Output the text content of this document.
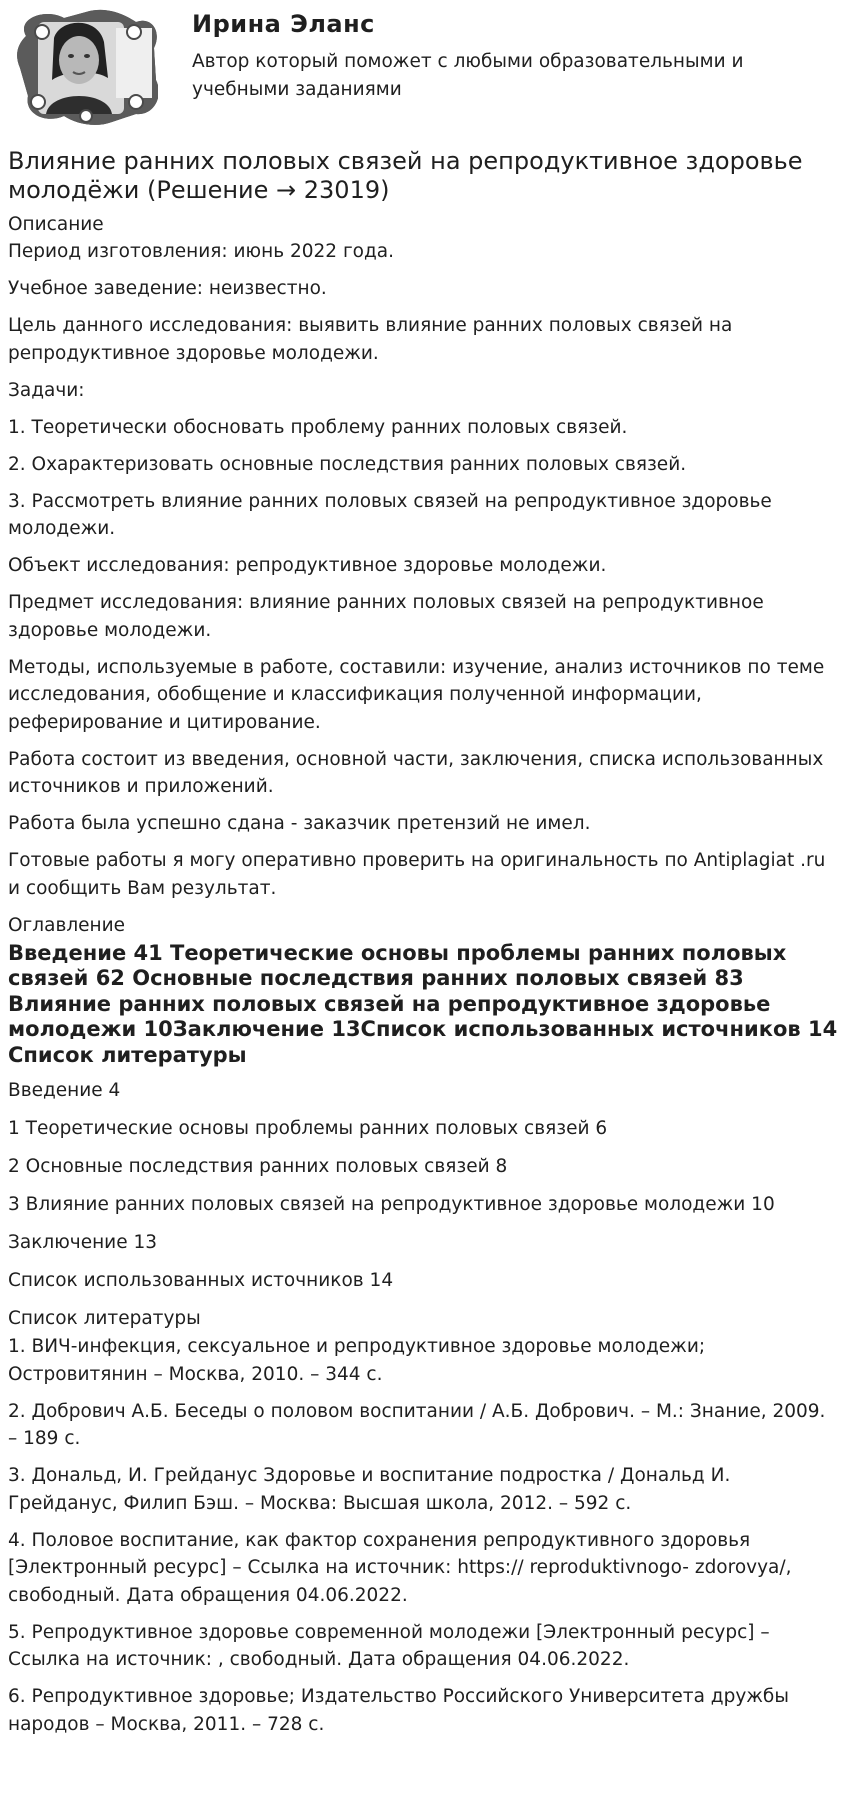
Ирина Эланс

Автор который поможет с любыми образовательными и учебными заданиями

Влияние ранних половых связей на репродуктивное здоровье молодёжи (Решение → 23019)
Описание

Период изготовления: июнь 2022 года.

Учебное заведение: неизвестно.

Цель данного исследования: выявить влияние ранних половых связей на репродуктивное здоровье молодежи.

Задачи:

1. Теоретически обосновать проблему ранних половых связей.

2. Охарактеризовать основные последствия ранних половых связей.

3. Рассмотреть влияние ранних половых связей на репродуктивное здоровье молодежи.

Объект исследования: репродуктивное здоровье молодежи.

Предмет исследования: влияние ранних половых связей на репродуктивное здоровье молодежи.

Методы, используемые в работе, составили: изучение, анализ источников по теме исследования, обобщение и классификация полученной информации, реферирование и цитирование.

Работа состоит из введения, основной части, заключения, списка использованных источников и приложений.

Работа была успешно сдана - заказчик претензий не имел.

Готовые работы я могу оперативно проверить на оригинальность по Antiplagiat .ru и сообщить Вам результат.

Оглавление
Введение 41 Теоретические основы проблемы ранних половых связей 62 Основные последствия ранних половых связей 83 Влияние ранних половых связей на репродуктивное здоровье молодежи 10Заключение 13Список использованных источников 14 Список литературы

Введение 4

1 Теоретические основы проблемы ранних половых связей 6

2 Основные последствия ранних половых связей 8

3 Влияние ранних половых связей на репродуктивное здоровье молодежи 10

Заключение 13

Список использованных источников 14

Список литературы

1. ВИЧ-инфекция, сексуальное и репродуктивное здоровье молодежи; Островитянин – Москва, 2010. – 344 c.

2. Добрович А.Б. Беседы о половом воспитании / А.Б. Добрович. – М.: Знание, 2009. – 189 c.

3. Дональд, И. Грейданус Здоровье и воспитание подростка / Дональд И. Грейданус, Филип Бэш. – Москва: Высшая школа, 2012. – 592 c.

4. Половое воспитание, как фактор сохранения репродуктивного здоровья [Электронный ресурс] – Ссылка на источник: https:// reproduktivnogo- zdorovya/, свободный. Дата обращения 04.06.2022.

5. Репродуктивное здоровье современной молодежи [Электронный ресурс] – Ссылка на источник: , свободный. Дата обращения 04.06.2022.

6. Репродуктивное здоровье; Издательство Российского Университета дружбы народов – Москва, 2011. – 728 c.
